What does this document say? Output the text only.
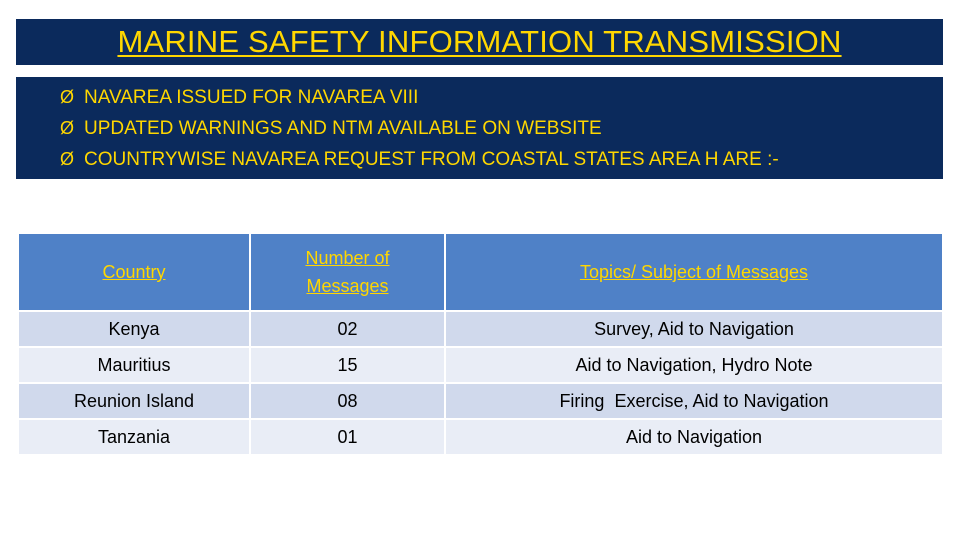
MARINE SAFETY INFORMATION TRANSMISSION
Ø NAVAREA ISSUED FOR NAVAREA VIII
Ø UPDATED WARNINGS AND NTM AVAILABLE ON WEBSITE
Ø COUNTRYWISE NAVAREA REQUEST FROM COASTAL STATES AREA H ARE :-
Country	Number of Messages	Topics/ Subject of Messages
Kenya	02	Survey, Aid to Navigation
Mauritius	15	Aid to Navigation, Hydro Note
Reunion Island	08	Firing  Exercise, Aid to Navigation
Tanzania	01	Aid to Navigation
